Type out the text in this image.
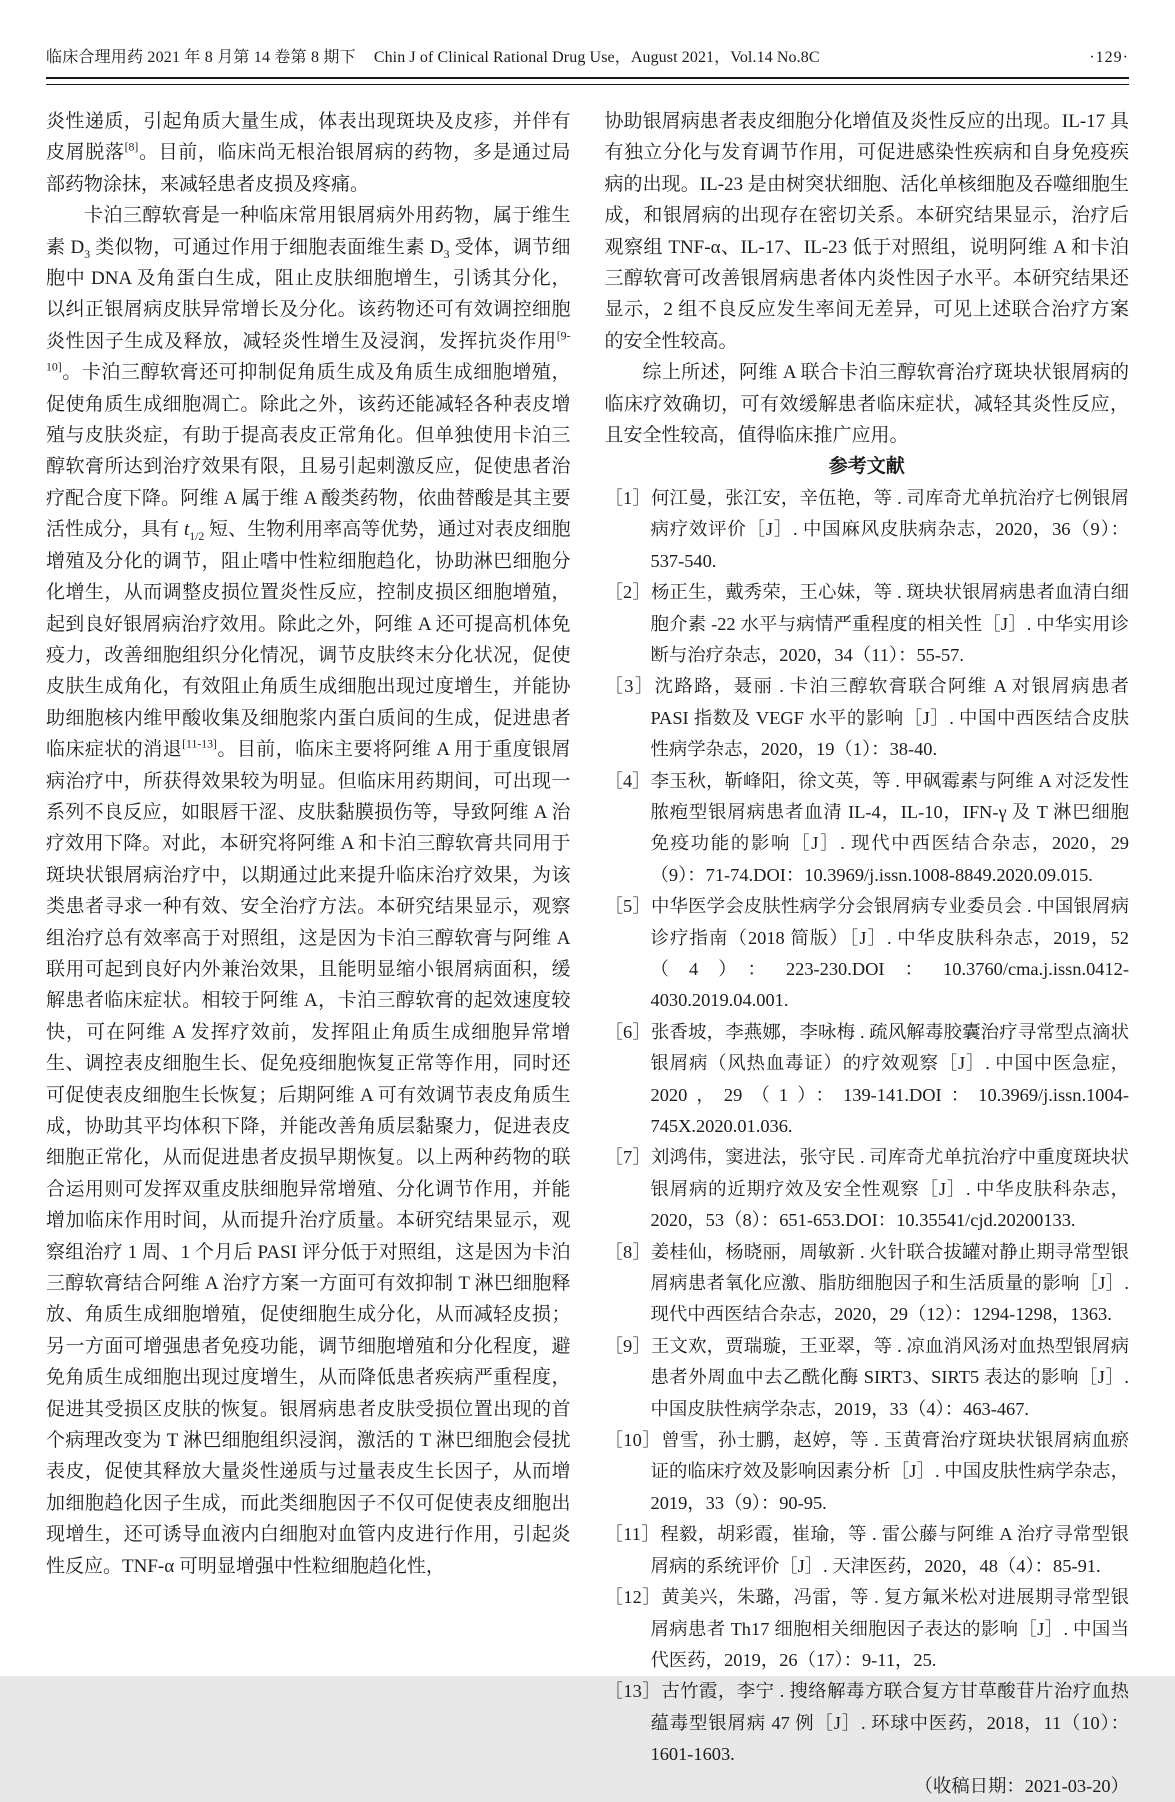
临床合理用药 2021 年 8 月第 14 卷第 8 期下 Chin J of Clinical Rational Drug Use，August 2021，Vol.14 No.8C	·129·

炎性递质，引起角质大量生成，体表出现斑块及皮疹，并伴有皮屑脱落[8]。目前，临床尚无根治银屑病的药物，多是通过局部药物涂抹，来减轻患者皮损及疼痛。

卡泊三醇软膏是一种临床常用银屑病外用药物，属于维生素 $D_3$ 类似物，可通过作用于细胞表面维生素 $D_3$ 受体，调节细胞中 DNA 及角蛋白生成，阻止皮肤细胞增生，引诱其分化，以纠正银屑病皮肤异常增长及分化。该药物还可有效调控细胞炎性因子生成及释放，减轻炎性增生及浸润，发挥抗炎作用[9-10]。卡泊三醇软膏还可抑制促角质生成及角质生成细胞增殖，促使角质生成细胞凋亡。除此之外，该药还能减轻各种表皮增殖与皮肤炎症，有助于提高表皮正常角化。但单独使用卡泊三醇软膏所达到治疗效果有限，且易引起刺激反应，促使患者治疗配合度下降。阿维 A 属于维 A 酸类药物，依曲替酸是其主要活性成分，具有 $t_{1/2}$ 短、生物利用率高等优势，通过对表皮细胞增殖及分化的调节，阻止嗜中性粒细胞趋化，协助淋巴细胞分化增生，从而调整皮损位置炎性反应，控制皮损区细胞增殖，起到良好银屑病治疗效用。除此之外，阿维 A 还可提高机体免疫力，改善细胞组织分化情况，调节皮肤终末分化状况，促使皮肤生成角化，有效阻止角质生成细胞出现过度增生，并能协助细胞核内维甲酸收集及细胞浆内蛋白质间的生成，促进患者临床症状的消退[11-13]。目前，临床主要将阿维 A 用于重度银屑病治疗中，所获得效果较为明显。但临床用药期间，可出现一系列不良反应，如眼唇干涩、皮肤黏膜损伤等，导致阿维 A 治疗效用下降。对此，本研究将阿维 A 和卡泊三醇软膏共同用于斑块状银屑病治疗中，以期通过此来提升临床治疗效果，为该类患者寻求一种有效、安全治疗方法。本研究结果显示，观察组治疗总有效率高于对照组，这是因为卡泊三醇软膏与阿维 A 联用可起到良好内外兼治效果，且能明显缩小银屑病面积，缓解患者临床症状。相较于阿维 A，卡泊三醇软膏的起效速度较快，可在阿维 A 发挥疗效前，发挥阻止角质生成细胞异常增生、调控表皮细胞生长、促免疫细胞恢复正常等作用，同时还可促使表皮细胞生长恢复；后期阿维 A 可有效调节表皮角质生成，协助其平均体积下降，并能改善角质层黏聚力，促进表皮细胞正常化，从而促进患者皮损早期恢复。以上两种药物的联合运用则可发挥双重皮肤细胞异常增殖、分化调节作用，并能增加临床作用时间，从而提升治疗质量。本研究结果显示，观察组治疗 1 周、1 个月后 PASI 评分低于对照组，这是因为卡泊三醇软膏结合阿维 A 治疗方案一方面可有效抑制 T 淋巴细胞释放、角质生成细胞增殖，促使细胞生成分化，从而减轻皮损；另一方面可增强患者免疫功能，调节细胞增殖和分化程度，避免角质生成细胞出现过度增生，从而降低患者疾病严重程度，促进其受损区皮肤的恢复。银屑病患者皮肤受损位置出现的首个病理改变为 T 淋巴细胞组织浸润，激活的 T 淋巴细胞会侵扰表皮，促使其释放大量炎性递质与过量表皮生长因子，从而增加细胞趋化因子生成，而此类细胞因子不仅可促使表皮细胞出现增生，还可诱导血液内白细胞对血管内皮进行作用，引起炎性反应。TNF-α 可明显增强中性粒细胞趋化性，

协助银屑病患者表皮细胞分化增值及炎性反应的出现。IL-17 具有独立分化与发育调节作用，可促进感染性疾病和自身免疫疾病的出现。IL-23 是由树突状细胞、活化单核细胞及吞噬细胞生成，和银屑病的出现存在密切关系。本研究结果显示，治疗后观察组 TNF-α、IL-17、IL-23 低于对照组，说明阿维 A 和卡泊三醇软膏可改善银屑病患者体内炎性因子水平。本研究结果还显示，2 组不良反应发生率间无差异，可见上述联合治疗方案的安全性较高。

综上所述，阿维 A 联合卡泊三醇软膏治疗斑块状银屑病的临床疗效确切，可有效缓解患者临床症状，减轻其炎性反应，且安全性较高，值得临床推广应用。

参考文献

［1］何江曼，张江安，辛伍艳，等 . 司库奇尤单抗治疗七例银屑病疗效评价［J］. 中国麻风皮肤病杂志，2020，36（9）：537-540.
［2］杨正生，戴秀荣，王心妹，等 . 斑块状银屑病患者血清白细胞介素 -22 水平与病情严重程度的相关性［J］. 中华实用诊断与治疗杂志，2020，34（11）：55-57.
［3］沈路路，聂丽 . 卡泊三醇软膏联合阿维 A 对银屑病患者 PASI 指数及 VEGF 水平的影响［J］. 中国中西医结合皮肤性病学杂志，2020，19（1）：38-40.
［4］李玉秋，靳峰阳，徐文英，等 . 甲砜霉素与阿维 A 对泛发性脓疱型银屑病患者血清 IL-4，IL-10，IFN-γ 及 T 淋巴细胞免疫功能的影响［J］. 现代中西医结合杂志，2020，29（9）：71-74.DOI：10.3969/j.issn.1008-8849.2020.09.015.
［5］中华医学会皮肤性病学分会银屑病专业委员会 . 中国银屑病诊疗指南（2018 简版）［J］. 中华皮肤科杂志，2019，52（4）：223-230.DOI：10.3760/cma.j.issn.0412-4030.2019.04.001.
［6］张香坡，李燕娜，李咏梅 . 疏风解毒胶囊治疗寻常型点滴状银屑病（风热血毒证）的疗效观察［J］. 中国中医急症，2020，29（1）：139-141.DOI：10.3969/j.issn.1004-745X.2020.01.036.
［7］刘鸿伟，窦进法，张守民 . 司库奇尤单抗治疗中重度斑块状银屑病的近期疗效及安全性观察［J］. 中华皮肤科杂志，2020，53（8）：651-653.DOI：10.35541/cjd.20200133.
［8］姜桂仙，杨晓丽，周敏新 . 火针联合拔罐对静止期寻常型银屑病患者氧化应激、脂肪细胞因子和生活质量的影响［J］. 现代中西医结合杂志，2020，29（12）：1294-1298，1363.
［9］王文欢，贾瑞璇，王亚翠，等 . 凉血消风汤对血热型银屑病患者外周血中去乙酰化酶 SIRT3、SIRT5 表达的影响［J］. 中国皮肤性病学杂志，2019，33（4）：463-467.
［10］曾雪，孙士鹏，赵婷，等 . 玉黄膏治疗斑块状银屑病血瘀证的临床疗效及影响因素分析［J］. 中国皮肤性病学杂志，2019，33（9）：90-95.
［11］程毅，胡彩霞，崔瑜，等 . 雷公藤与阿维 A 治疗寻常型银屑病的系统评价［J］. 天津医药，2020，48（4）：85-91.
［12］黄美兴，朱璐，冯雷，等 . 复方氟米松对进展期寻常型银屑病患者 Th17 细胞相关细胞因子表达的影响［J］. 中国当代医药，2019，26（17）：9-11，25.
［13］古竹霞，李宁 . 搜络解毒方联合复方甘草酸苷片治疗血热蕴毒型银屑病 47 例［J］. 环球中医药，2018，11（10）：1601-1603.

（收稿日期：2021-03-20）
